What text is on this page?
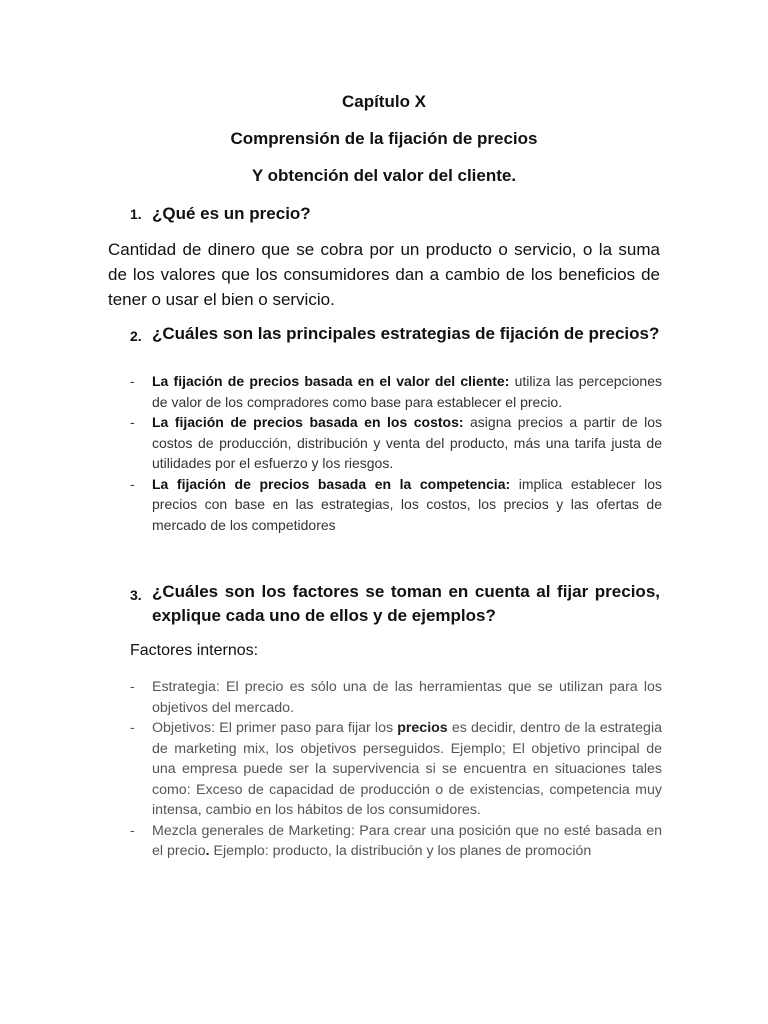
Capítulo X
Comprensión de la fijación de precios
Y obtención del valor del cliente.
1. ¿Qué es un precio?
Cantidad de dinero que se cobra por un producto o servicio, o la suma de los valores que los consumidores dan a cambio de los beneficios de tener o usar el bien o servicio.
2. ¿Cuáles son las principales estrategias de fijación de precios?
- La fijación de precios basada en el valor del cliente: utiliza las percepciones de valor de los compradores como base para establecer el precio.
- La fijación de precios basada en los costos: asigna precios a partir de los costos de producción, distribución y venta del producto, más una tarifa justa de utilidades por el esfuerzo y los riesgos.
- La fijación de precios basada en la competencia: implica establecer los precios con base en las estrategias, los costos, los precios y las ofertas de mercado de los competidores
3. ¿Cuáles son los factores se toman en cuenta al fijar precios, explique cada uno de ellos y de ejemplos?
Factores internos:
- Estrategia: El precio es sólo una de las herramientas que se utilizan para los objetivos del mercado.
- Objetivos: El primer paso para fijar los precios es decidir, dentro de la estrategia de marketing mix, los objetivos perseguidos. Ejemplo; El objetivo principal de una empresa puede ser la supervivencia si se encuentra en situaciones tales como: Exceso de capacidad de producción o de existencias, competencia muy intensa, cambio en los hábitos de los consumidores.
- Mezcla generales de Marketing: Para crear una posición que no esté basada en el precio. Ejemplo: producto, la distribución y los planes de promoción
